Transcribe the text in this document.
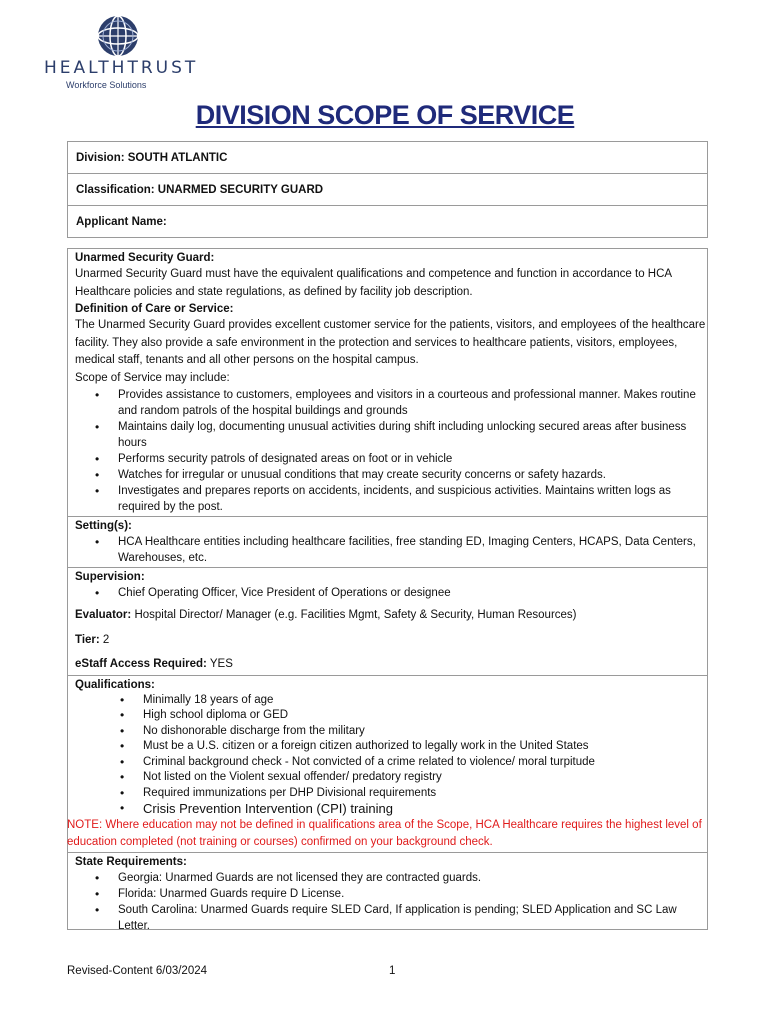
HEALTHTRUST
Workforce Solutions
DIVISION SCOPE OF SERVICE
Division: SOUTH ATLANTIC
Classification: UNARMED SECURITY GUARD
Applicant Name:
Unarmed Security Guard:
Unarmed Security Guard must have the equivalent qualifications and competence and function in accordance to HCA Healthcare policies and state regulations, as defined by facility job description.
Definition of Care or Service:
The Unarmed Security Guard provides excellent customer service for the patients, visitors, and employees of the healthcare facility. They also provide a safe environment in the protection and services to healthcare patients, visitors, employees, medical staff, tenants and all other persons on the hospital campus.
Scope of Service may include:
• Provides assistance to customers, employees and visitors in a courteous and professional manner. Makes routine and random patrols of the hospital buildings and grounds
• Maintains daily log, documenting unusual activities during shift including unlocking secured areas after business hours
• Performs security patrols of designated areas on foot or in vehicle
• Watches for irregular or unusual conditions that may create security concerns or safety hazards.
• Investigates and prepares reports on accidents, incidents, and suspicious activities. Maintains written logs as required by the post.
Setting(s):
• HCA Healthcare entities including healthcare facilities, free standing ED, Imaging Centers, HCAPS, Data Centers, Warehouses, etc.
Supervision:
• Chief Operating Officer, Vice President of Operations or designee
Evaluator: Hospital Director/ Manager (e.g. Facilities Mgmt, Safety & Security, Human Resources)
Tier: 2
eStaff Access Required: YES
Qualifications:
• Minimally 18 years of age
• High school diploma or GED
• No dishonorable discharge from the military
• Must be a U.S. citizen or a foreign citizen authorized to legally work in the United States
• Criminal background check - Not convicted of a crime related to violence/ moral turpitude
• Not listed on the Violent sexual offender/ predatory registry
• Required immunizations per DHP Divisional requirements
• Crisis Prevention Intervention (CPI) training
NOTE: Where education may not be defined in qualifications area of the Scope, HCA Healthcare requires the highest level of education completed (not training or courses) confirmed on your background check.
State Requirements:
• Georgia: Unarmed Guards are not licensed they are contracted guards.
• Florida: Unarmed Guards require D License.
• South Carolina: Unarmed Guards require SLED Card, If application is pending; SLED Application and SC Law Letter.
Revised-Content 6/03/2024	1
